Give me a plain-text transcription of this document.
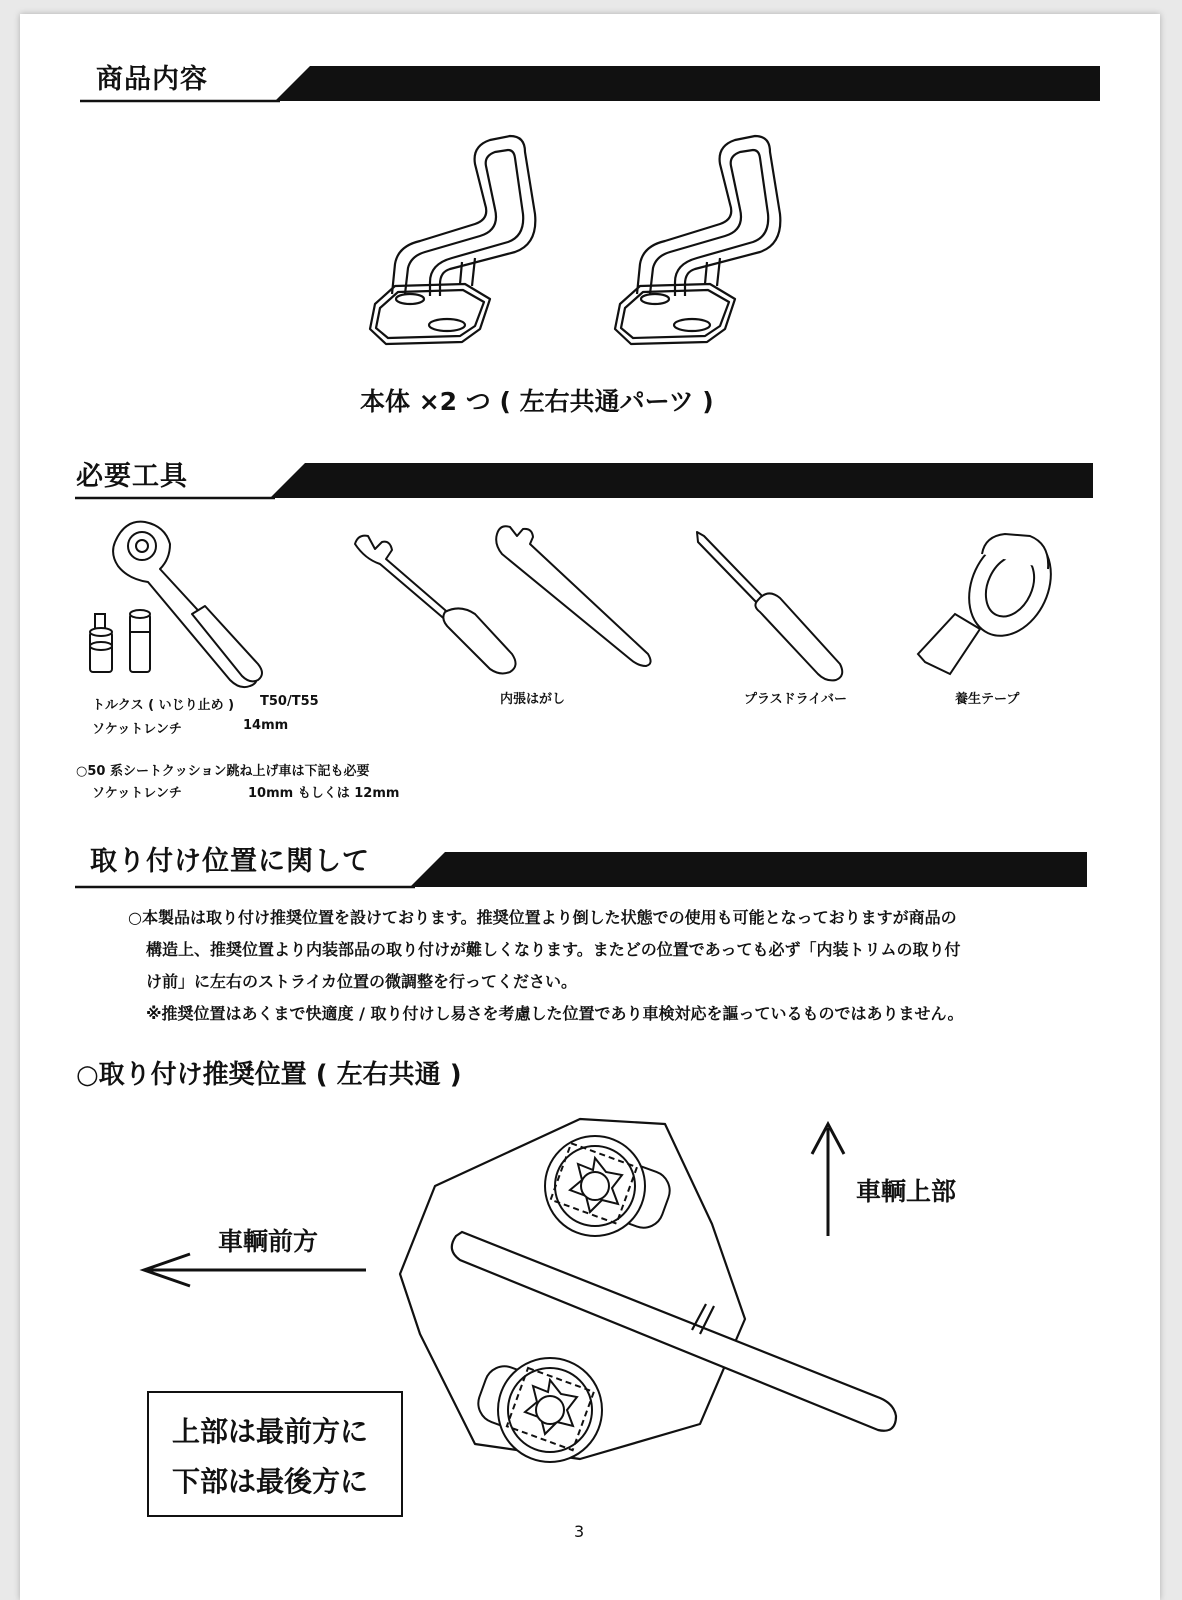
商品内容
本体 ×2 つ ( 左右共通パーツ )
必要工具
トルクス ( いじり止め ) T50/T55
ソケットレンチ	14mm
内張はがし	プラスドライバー	養生テープ
○50 系シートクッション跳ね上げ車は下記も必要
ソケットレンチ	10mm もしくは 12mm
取り付け位置に関して
○本製品は取り付け推奨位置を設けております。推奨位置より倒した状態での使用も可能となっておりますが商品の
構造上、推奨位置より内装部品の取り付けが難しくなります。またどの位置であっても必ず「内装トリムの取り付
け前」に左右のストライカ位置の微調整を行ってください。
※推奨位置はあくまで快適度 / 取り付けし易さを考慮した位置であり車検対応を謳っているものではありません。
○取り付け推奨位置 ( 左右共通 )
車輌上部
車輌前方
上部は最前方に
下部は最後方に
3
